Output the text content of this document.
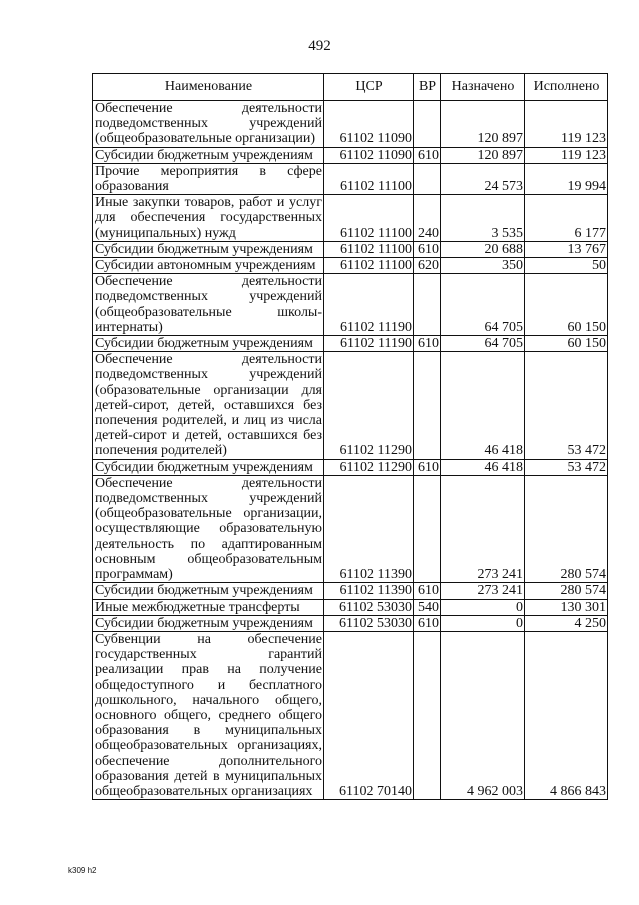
492
Наименование	ЦСР	ВР	Назначено	Исполнено
Обеспечение деятельности подведомственных учреждений (общеобразовательные организации)	61102 11090		120 897	119 123
Субсидии бюджетным учреждениям	61102 11090	610	120 897	119 123
Прочие мероприятия в сфере образования	61102 11100		24 573	19 994
Иные закупки товаров, работ и услуг для обеспечения государственных (муниципальных) нужд	61102 11100	240	3 535	6 177
Субсидии бюджетным учреждениям	61102 11100	610	20 688	13 767
Субсидии автономным учреждениям	61102 11100	620	350	50
Обеспечение деятельности подведомственных учреждений (общеобразовательные школы-интернаты)	61102 11190		64 705	60 150
Субсидии бюджетным учреждениям	61102 11190	610	64 705	60 150
Обеспечение деятельности подведомственных учреждений (образовательные организации для детей-сирот, детей, оставшихся без попечения родителей, и лиц из числа детей-сирот и детей, оставшихся без попечения родителей)	61102 11290		46 418	53 472
Субсидии бюджетным учреждениям	61102 11290	610	46 418	53 472
Обеспечение деятельности подведомственных учреждений (общеобразовательные организации, осуществляющие образовательную деятельность по адаптированным основным общеобразовательным программам)	61102 11390		273 241	280 574
Субсидии бюджетным учреждениям	61102 11390	610	273 241	280 574
Иные межбюджетные трансферты	61102 53030	540	0	130 301
Субсидии бюджетным учреждениям	61102 53030	610	0	4 250
Субвенции на обеспечение государственных гарантий реализации прав на получение общедоступного и бесплатного дошкольного, начального общего, основного общего, среднего общего образования в муниципальных общеобразовательных организациях, обеспечение дополнительного образования детей в муниципальных общеобразовательных организациях	61102 70140		4 962 003	4 866 843
k309 h2
